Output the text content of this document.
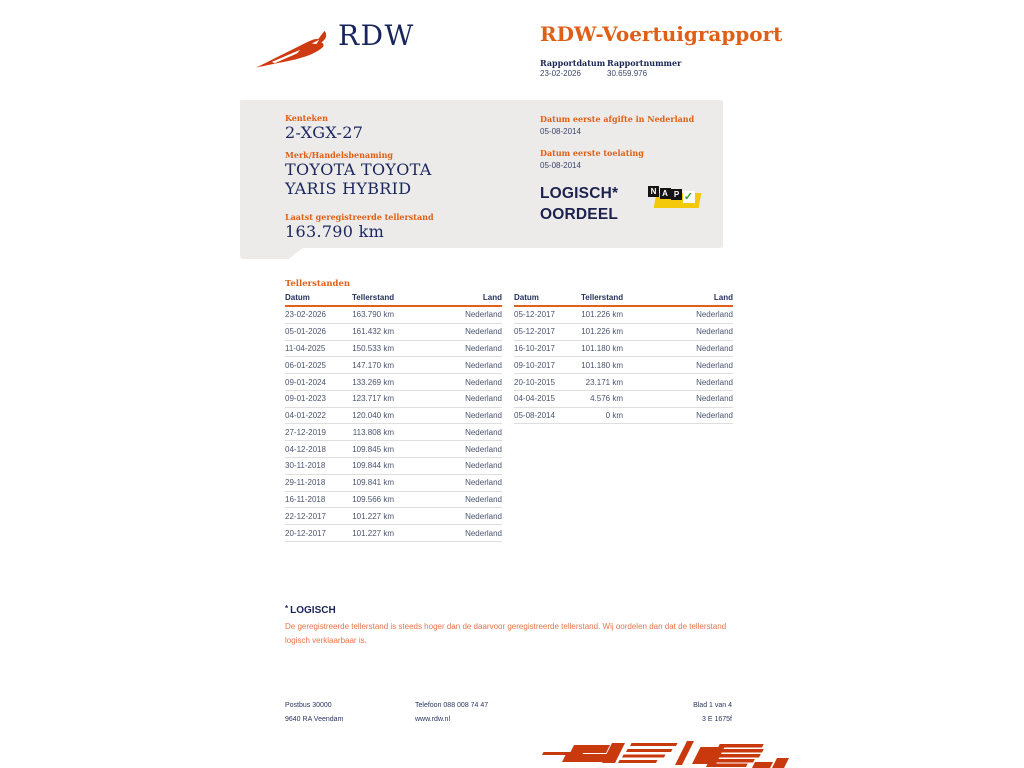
RDW	RDW-Voertuigrapport
Rapportdatum
23-02-2026
Rapportnummer
30.659.976
Kenteken
2-XGX-27
Merk/Handelsbenaming
TOYOTA TOYOTA
YARIS HYBRID
Laatst geregistreerde tellerstand
163.790 km
Datum eerste afgifte in Nederland
05-08-2014
Datum eerste toelating
05-08-2014
LOGISCH*
OORDEEL
N A P ✓
Tellerstanden
Datum	Tellerstand	Land
23-02-2026	163.790 km	Nederland
05-01-2026	161.432 km	Nederland
11-04-2025	150.533 km	Nederland
06-01-2025	147.170 km	Nederland
09-01-2024	133.269 km	Nederland
09-01-2023	123.717 km	Nederland
04-01-2022	120.040 km	Nederland
27-12-2019	113.808 km	Nederland
04-12-2018	109.845 km	Nederland
30-11-2018	109.844 km	Nederland
29-11-2018	109.841 km	Nederland
16-11-2018	109.566 km	Nederland
22-12-2017	101.227 km	Nederland
20-12-2017	101.227 km	Nederland
Datum	Tellerstand	Land
05-12-2017	101.226 km	Nederland
05-12-2017	101.226 km	Nederland
16-10-2017	101.180 km	Nederland
09-10-2017	101.180 km	Nederland
20-10-2015	23.171 km	Nederland
04-04-2015	4.576 km	Nederland
05-08-2014	0 km	Nederland
* LOGISCH
De geregistreerde tellerstand is steeds hoger dan de daarvoor geregistreerde tellerstand. Wij oordelen dan dat de tellerstand logisch verklaarbaar is.
Postbus 30000
9640 RA Veendam
Telefoon 088 008 74 47
www.rdw.nl
Blad 1 van 4
3 E 1675f
